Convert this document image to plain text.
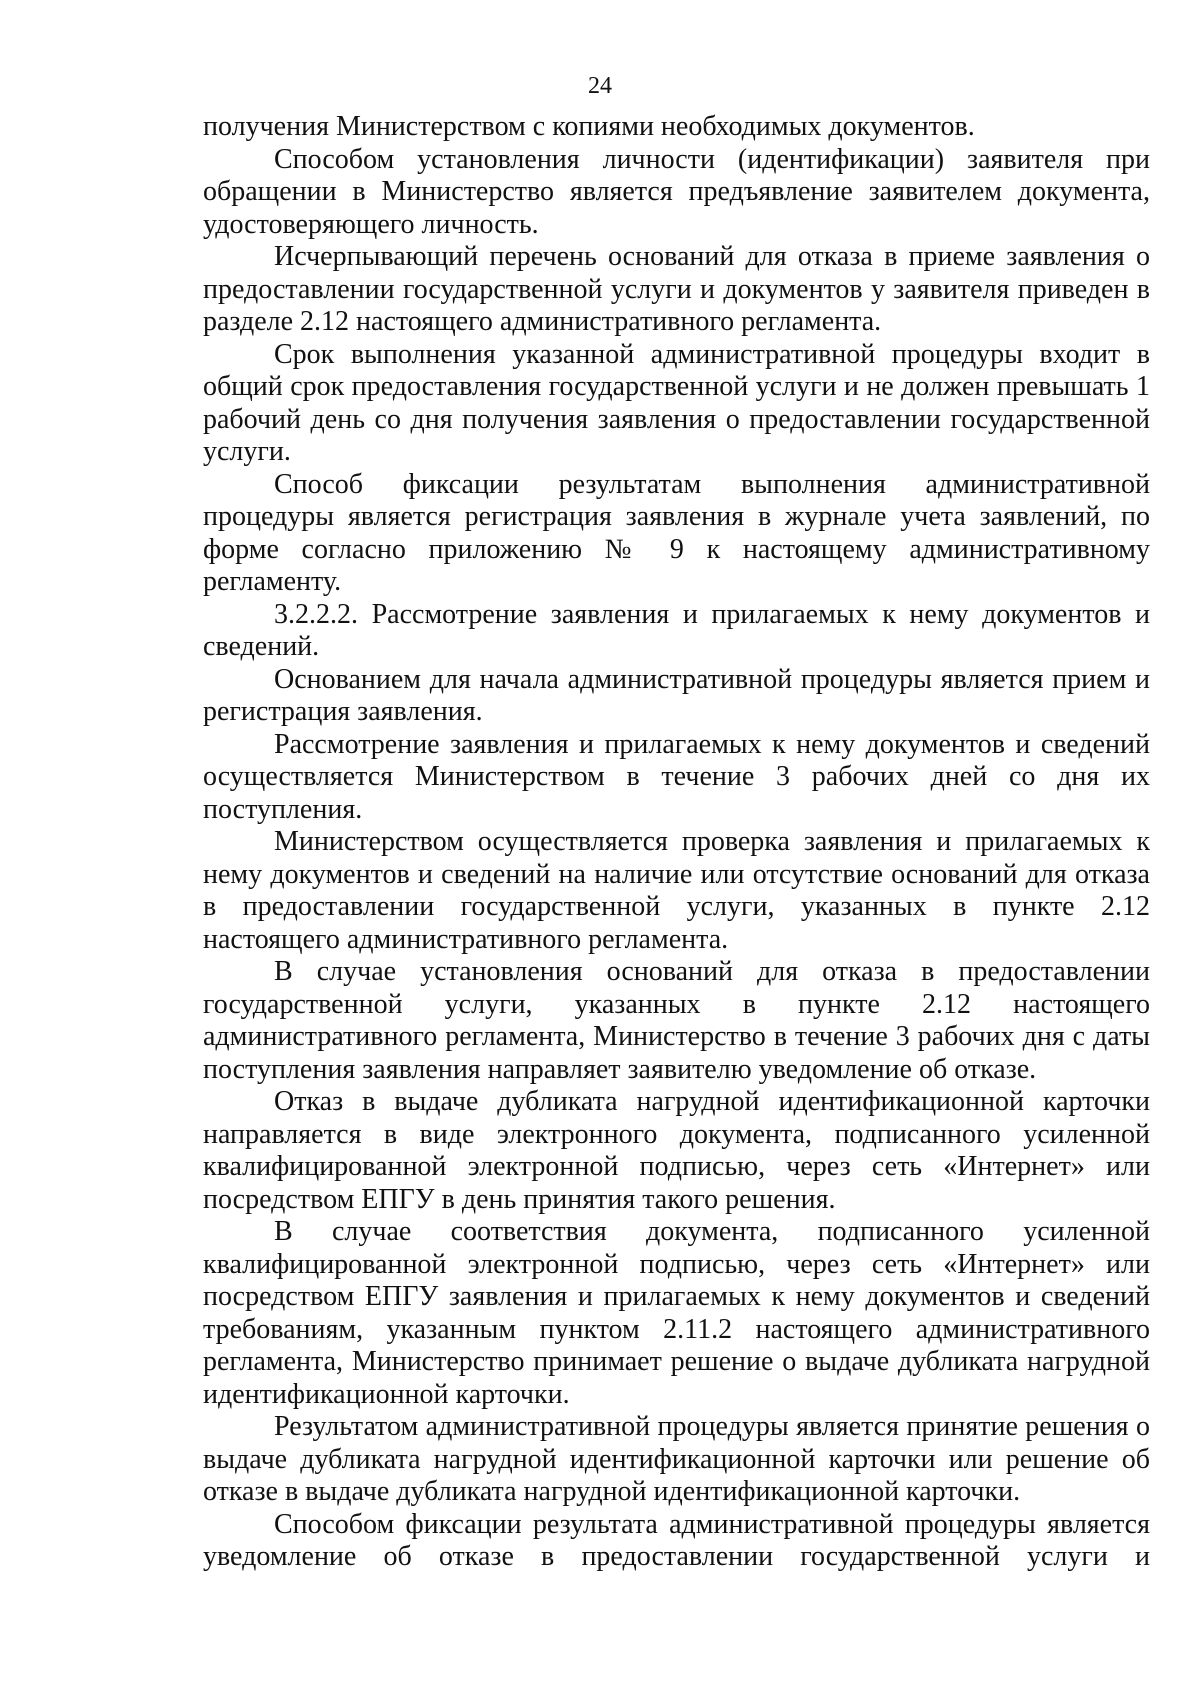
24

получения Министерством с копиями необходимых документов.

Способом установления личности (идентификации) заявителя при обращении в Министерство является предъявление заявителем документа, удостоверяющего личность.

Исчерпывающий перечень оснований для отказа в приеме заявления о предоставлении государственной услуги и документов у заявителя приведен в разделе 2.12 настоящего административного регламента.

Срок выполнения указанной административной процедуры входит в общий срок предоставления государственной услуги и не должен превышать 1 рабочий день со дня получения заявления о предоставлении государственной услуги.

Способ фиксации результатам выполнения административной процедуры является регистрация заявления в журнале учета заявлений, по форме согласно приложению № 9 к настоящему административному регламенту.

3.2.2.2. Рассмотрение заявления и прилагаемых к нему документов и сведений.

Основанием для начала административной процедуры является прием и регистрация заявления.

Рассмотрение заявления и прилагаемых к нему документов и сведений осуществляется Министерством в течение 3 рабочих дней со дня их поступления.

Министерством осуществляется проверка заявления и прилагаемых к нему документов и сведений на наличие или отсутствие оснований для отказа в предоставлении государственной услуги, указанных в пункте 2.12 настоящего административного регламента.

В случае установления оснований для отказа в предоставлении государственной услуги, указанных в пункте 2.12 настоящего административного регламента, Министерство в течение 3 рабочих дня с даты поступления заявления направляет заявителю уведомление об отказе.

Отказ в выдаче дубликата нагрудной идентификационной карточки направляется в виде электронного документа, подписанного усиленной квалифицированной электронной подписью, через сеть «Интернет» или посредством ЕПГУ в день принятия такого решения.

В случае соответствия документа, подписанного усиленной квалифицированной электронной подписью, через сеть «Интернет» или посредством ЕПГУ заявления и прилагаемых к нему документов и сведений требованиям, указанным пунктом 2.11.2 настоящего административного регламента, Министерство принимает решение о выдаче дубликата нагрудной идентификационной карточки.

Результатом административной процедуры является принятие решения о выдаче дубликата нагрудной идентификационной карточки или решение об отказе в выдаче дубликата нагрудной идентификационной карточки.

Способом фиксации результата административной процедуры является уведомление об отказе в предоставлении государственной услуги и
